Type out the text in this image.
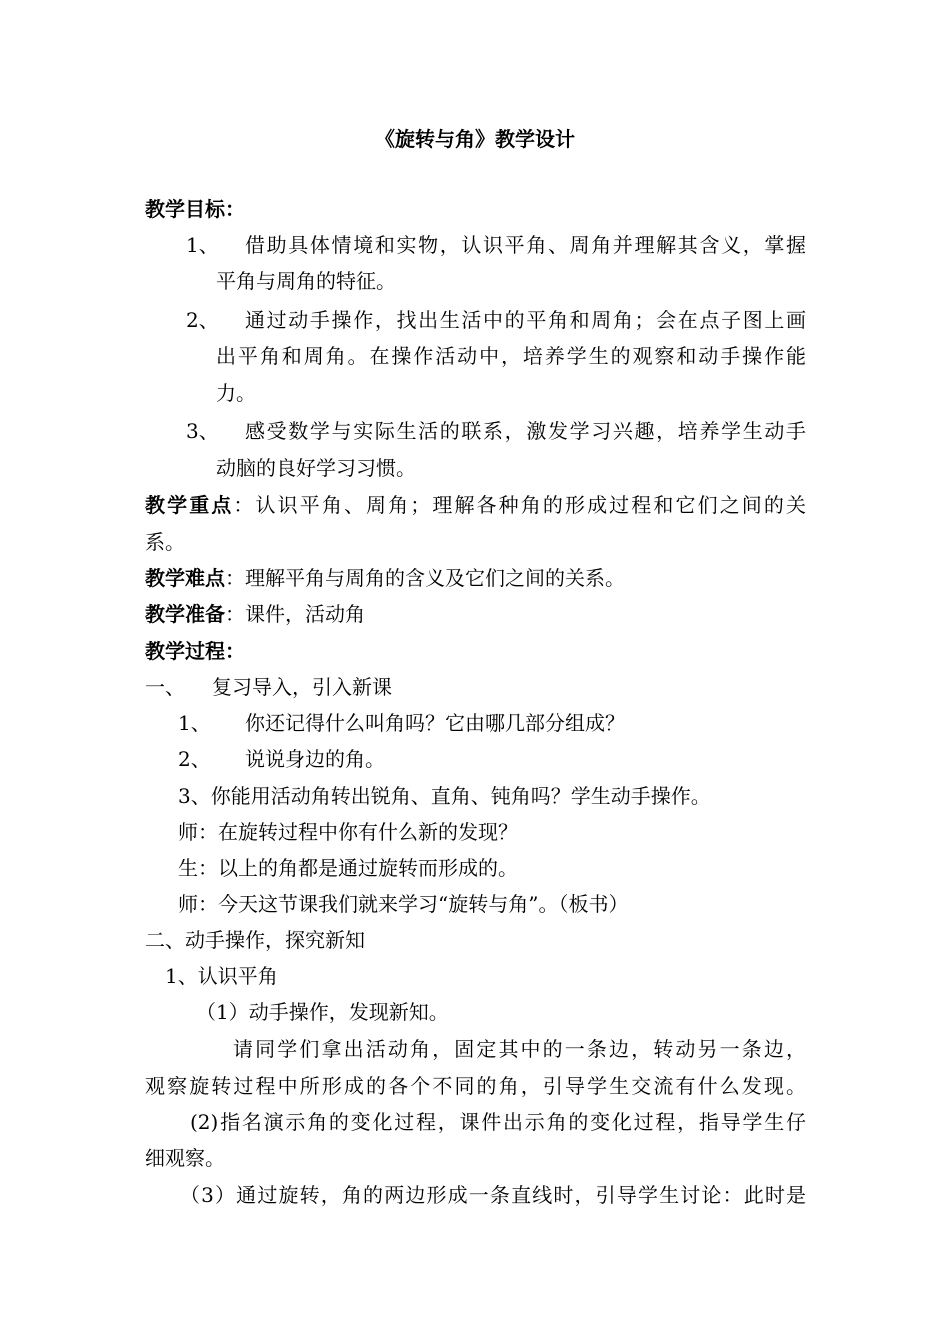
《旋转与角》教学设计
教学目标：
1、 借助具体情境和实物，认识平角、周角并理解其含义，掌握
平角与周角的特征。
2、 通过动手操作，找出生活中的平角和周角；会在点子图上画
出平角和周角。在操作活动中，培养学生的观察和动手操作能
力。
3、 感受数学与实际生活的联系，激发学习兴趣，培养学生动手
动脑的良好学习习惯。
教学重点：认识平角、周角；理解各种角的形成过程和它们之间的关
系。
教学难点：理解平角与周角的含义及它们之间的关系。
教学准备：课件，活动角
教学过程：
一、 复习导入，引入新课
1、 你还记得什么叫角吗？它由哪几部分组成？
2、 说说身边的角。
3、你能用活动角转出锐角、直角、钝角吗？学生动手操作。
师：在旋转过程中你有什么新的发现？
生：以上的角都是通过旋转而形成的。
师：今天这节课我们就来学习“旋转与角”。（板书）
二、动手操作，探究新知
1、认识平角
（1）动手操作，发现新知。
请同学们拿出活动角，固定其中的一条边，转动另一条边，
观察旋转过程中所形成的各个不同的角，引导学生交流有什么发现。
(2)指名演示角的变化过程，课件出示角的变化过程，指导学生仔
细观察。
（3）通过旋转，角的两边形成一条直线时，引导学生讨论：此时是
